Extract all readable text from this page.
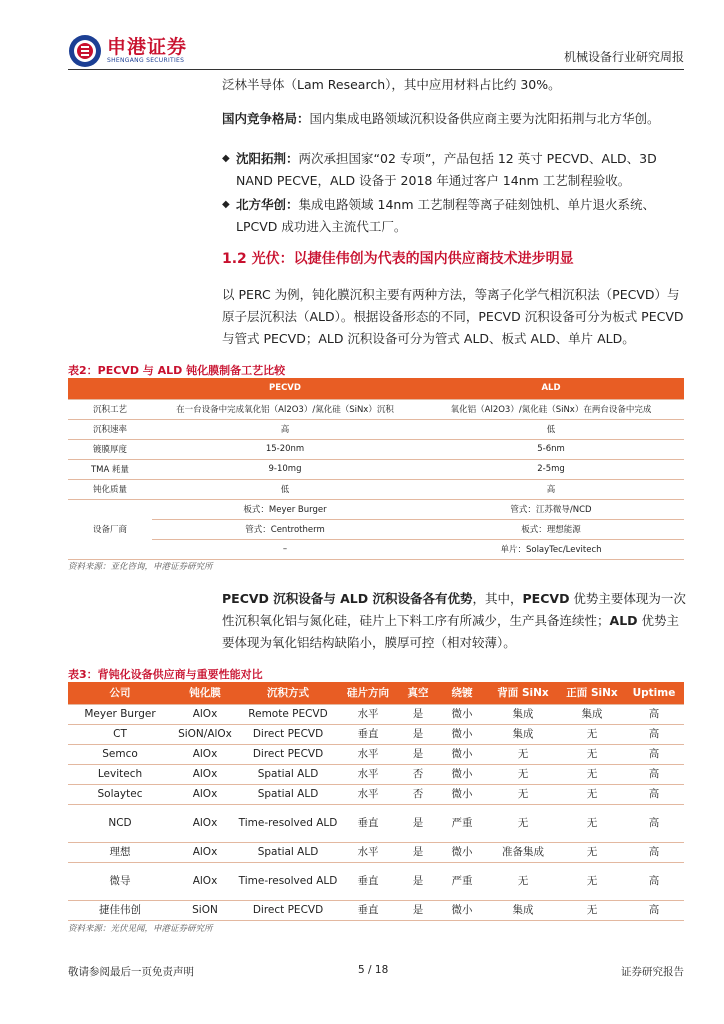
申港证券
SHENGANG SECURITIES	机械设备行业研究周报
泛林半导体（Lam Research），其中应用材料占比约 30%。
国内竞争格局：国内集成电路领域沉积设备供应商主要为沈阳拓荆与北方华创。
◆ 沈阳拓荆：两次承担国家“02 专项”，产品包括 12 英寸 PECVD、ALD、3D NAND PECVE，ALD 设备于 2018 年通过客户 14nm 工艺制程验收。
◆ 北方华创：集成电路领域 14nm 工艺制程等离子硅刻蚀机、单片退火系统、LPCVD 成功进入主流代工厂。
1.2 光伏：以捷佳伟创为代表的国内供应商技术进步明显
以 PERC 为例，钝化膜沉积主要有两种方法，等离子化学气相沉积法（PECVD）与原子层沉积法（ALD）。根据设备形态的不同，PECVD 沉积设备可分为板式 PECVD 与管式 PECVD；ALD 沉积设备可分为管式 ALD、板式 ALD、单片 ALD。
表2：PECVD 与 ALD 钝化膜制备工艺比较
	PECVD	ALD
沉积工艺	在一台设备中完成氧化铝（Al2O3）/氮化硅（SiNx）沉积	氧化铝（Al2O3）/氮化硅（SiNx）在两台设备中完成
沉积速率	高	低
镀膜厚度	15-20nm	5-6nm
TMA 耗量	9-10mg	2-5mg
钝化质量	低	高
设备厂商	板式：Meyer Burger	管式：江苏微导/NCD
	管式：Centrotherm	板式：理想能源
	–	单片：SolayTec/Levitech
资料来源：亚化咨询，申港证券研究所
PECVD 沉积设备与 ALD 沉积设备各有优势，其中，PECVD 优势主要体现为一次性沉积氧化铝与氮化硅，硅片上下料工序有所减少，生产具备连续性；ALD 优势主要体现为氧化铝结构缺陷小，膜厚可控（相对较薄）。
表3：背钝化设备供应商与重要性能对比
公司	钝化膜	沉积方式	硅片方向	真空	绕镀	背面 SiNx	正面 SiNx	Uptime
Meyer Burger	AlOx	Remote PECVD	水平	是	微小	集成	集成	高
CT	SiON/AlOx	Direct PECVD	垂直	是	微小	集成	无	高
Semco	AlOx	Direct PECVD	水平	是	微小	无	无	高
Levitech	AlOx	Spatial ALD	水平	否	微小	无	无	高
Solaytec	AlOx	Spatial ALD	水平	否	微小	无	无	高
NCD	AlOx	Time-resolved ALD	垂直	是	严重	无	无	高
理想	AlOx	Spatial ALD	水平	是	微小	准备集成	无	高
微导	AlOx	Time-resolved ALD	垂直	是	严重	无	无	高
捷佳伟创	SiON	Direct PECVD	垂直	是	微小	集成	无	高
资料来源：光伏见闻，申港证券研究所
敬请参阅最后一页免责声明	5 / 18	证券研究报告
